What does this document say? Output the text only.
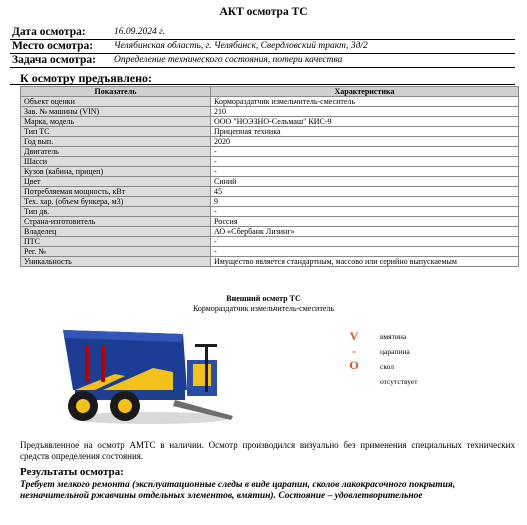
АКТ осмотра ТС
Дата осмотра:	16.09.2024 г.
Место осмотра: Челябинская область, г. Челябинск, Свердловский тракт, 3д/2
Задача осмотра: Определение технического состояния, потери качества
К осмотру предъявлено:
Показатель	Характеристика
Объект оценки	Кормораздатчик измельчитель-смеситель
Зав. № машины (VIN)	210
Марка, модель	ООО "НОЭЗНО-Сельмаш" КИС-9
Тип ТС	Прицепная техника
Год вып.	2020
Двигатель	-
Шасси	-
Кузов (кабина, прицеп)	-
Цвет	Синий
Потребляемая мощность, кВт	45
Тех. хар. (объем бункера, м3)	9
Тип дв.	-
Страна-изготовитель	Россия
Владелец	АО «Сбербанк Лизинг»
ПТС	-
Рег. №	-
Уникальность	Имущество является стандартным, массово или серийно выпускаемым
Внешний осмотр ТС
Кормораздатчик измельчитель-смеситель
V	вмятина
-	царапина
О	скол
отсутствует
Предъявленное на осмотр АМТС в наличии. Осмотр производился визуально без применения специальных технических средств определения состояния.
Результаты осмотра:
Требует мелкого ремонта (эксплуатационные следы в виде царапин, сколов лакокрасочного покрытия, незначительной ржавчины отдельных элементов, вмятин). Состояние – удовлетворительное
